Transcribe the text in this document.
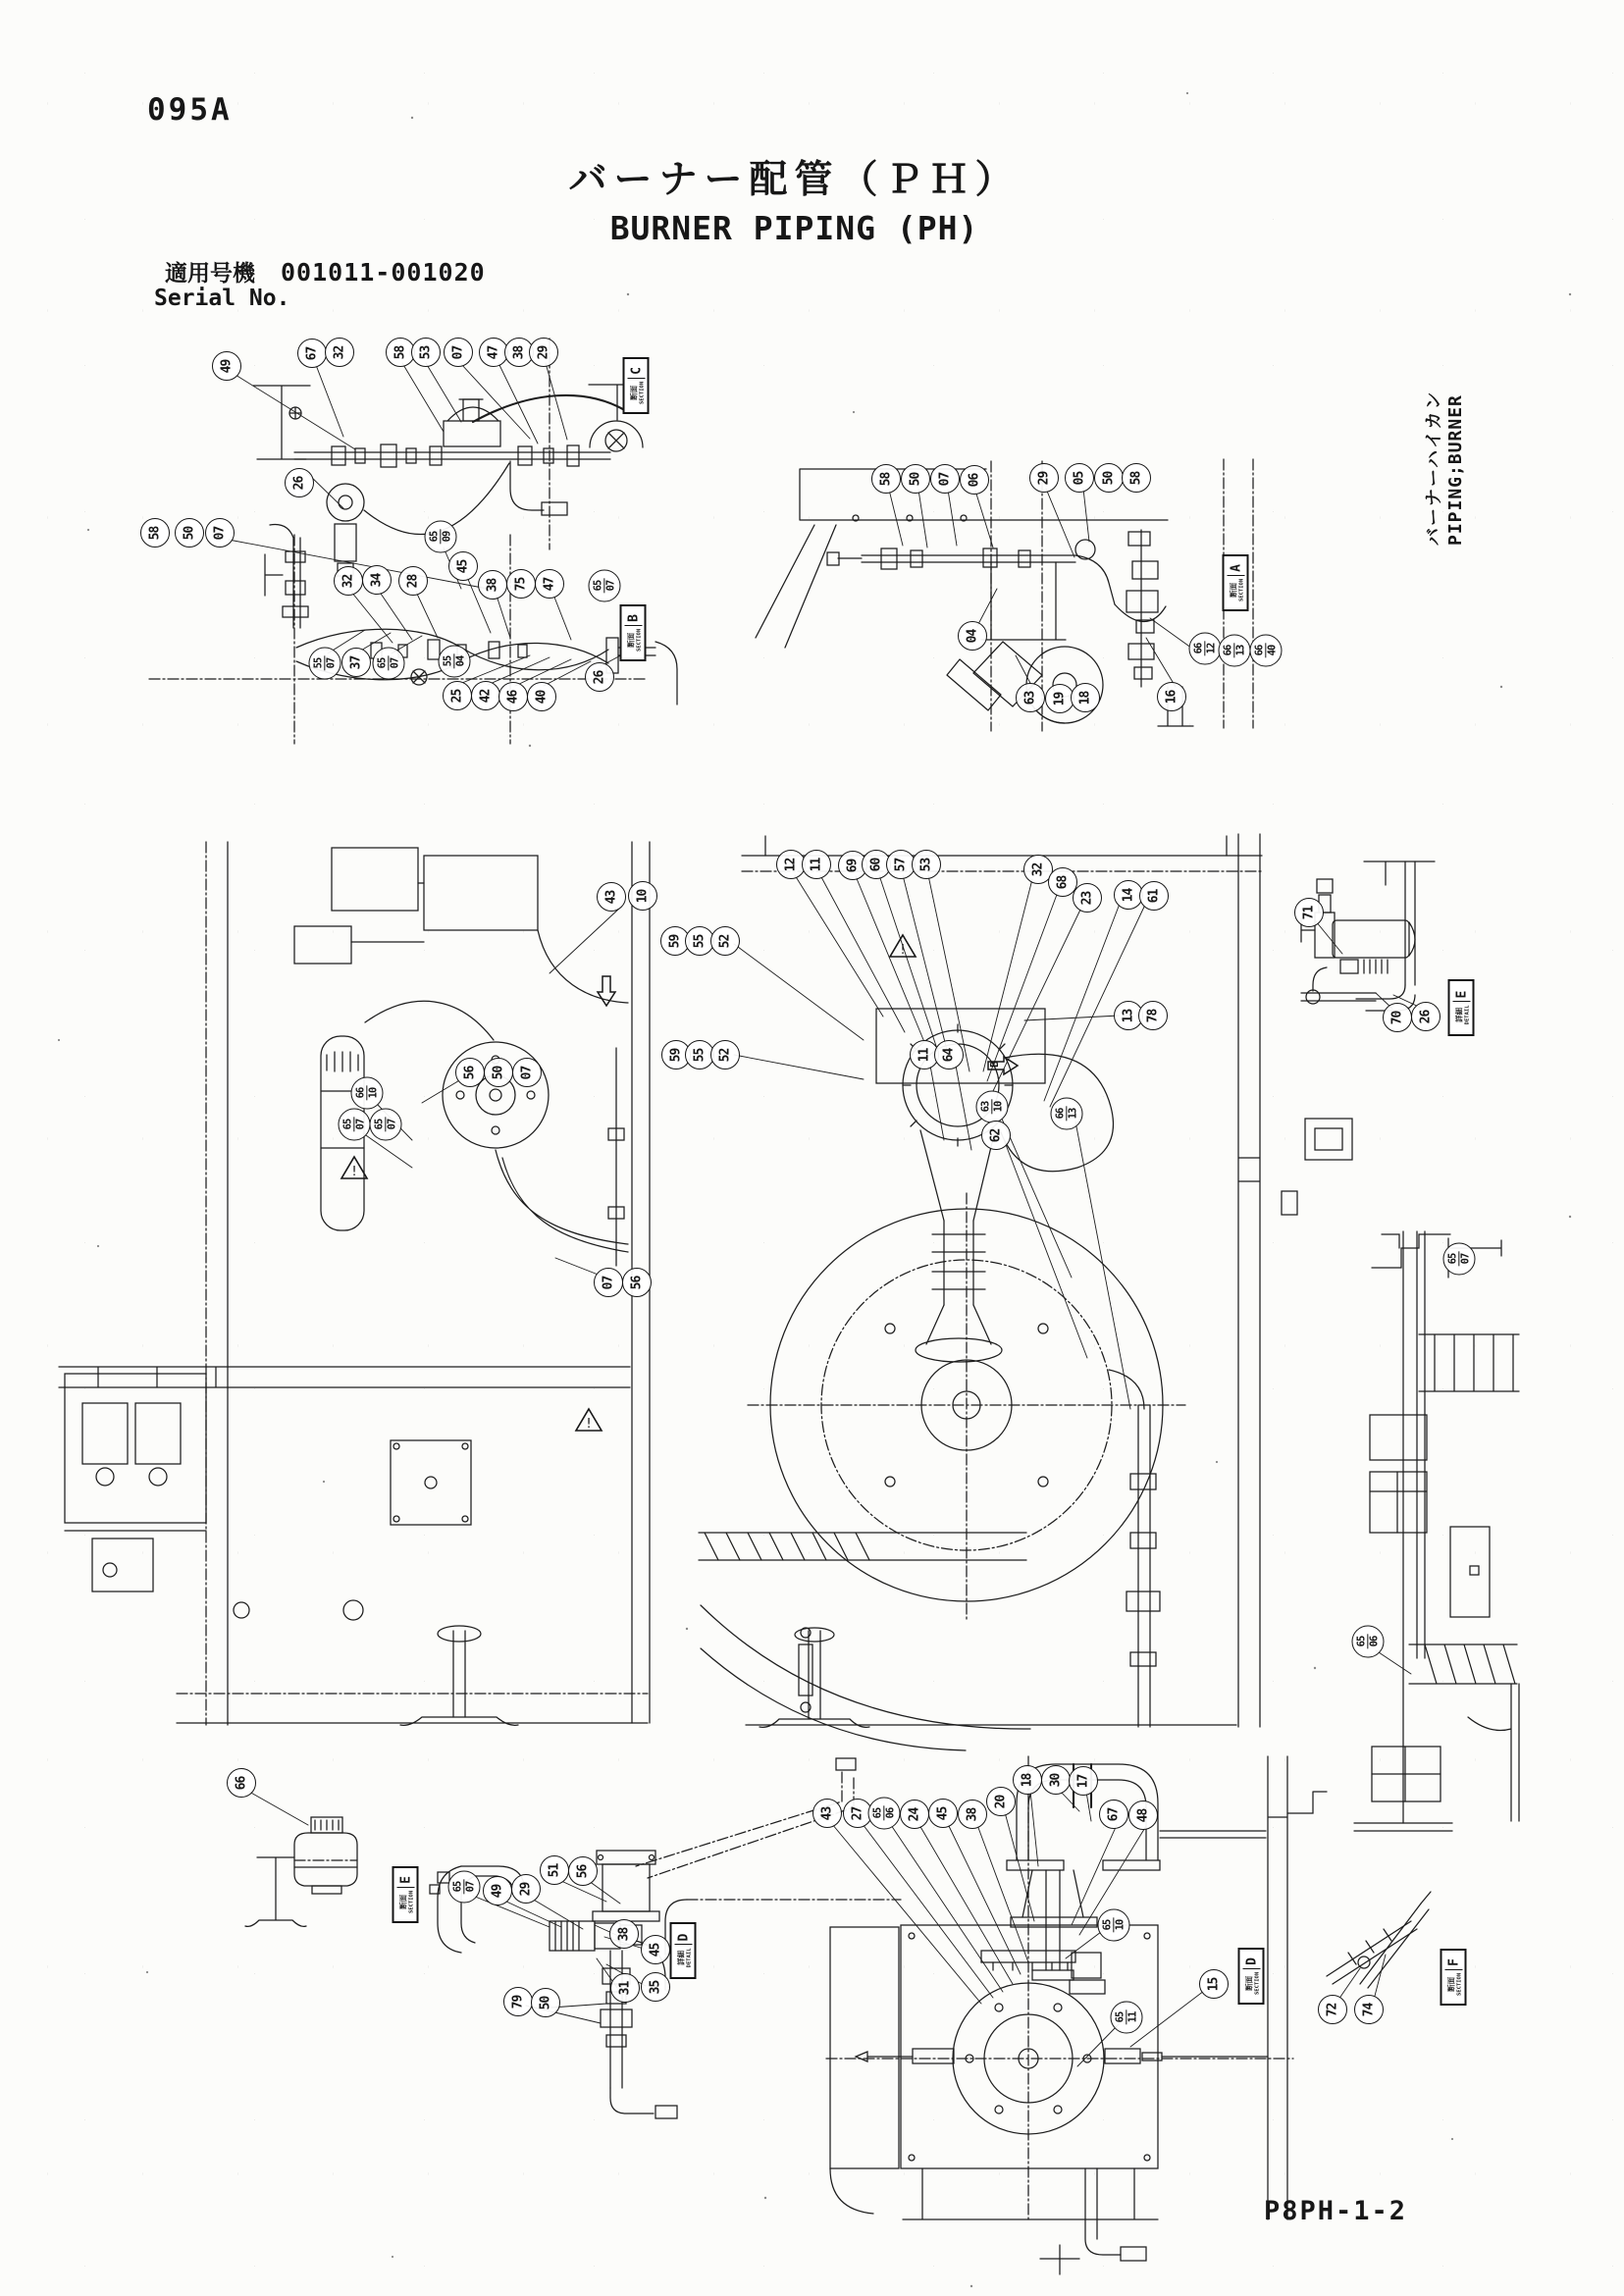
095A
バーナー配管（ＰＨ）
BURNER PIPING (PH)
適用号機 001011-001020
Serial No.
バーナーハイカン PIPING;BURNER
P8PH-1-2
49
67 32	58 53 07 47 38 29
26
断面 SECTION
C
58 50 07	65 09
32 34 28
45
38 75 47	65 07
55 07 37 65 07	55 04
25 42 46 40
26
断面 SECTION
B
58 50 07 06	29 05 50 58
04
63 19 18	16
66 12 66 13 66 40
断面 SECTION
A
43 10
56 50 07
66 10
65 07 65 07
!
!
07 56
12 11 69 60 57 53	32
68
23 14 61
13 78
59 55 52
59 55 52	11 64
63 10
62
66 13
!
B
71
70 26	詳細 DETAIL
E
65 06
65 07
66
断面 SECTION
E
65 07 49 29
51 56
38
45
31 35
79 50
詳細 DETAIL
D
43 27 65 06 24 45 38
20
18 30 17
67 48
65 10
15
65 11
断面 SECTION
D
72 74
断面 SECTION
F
